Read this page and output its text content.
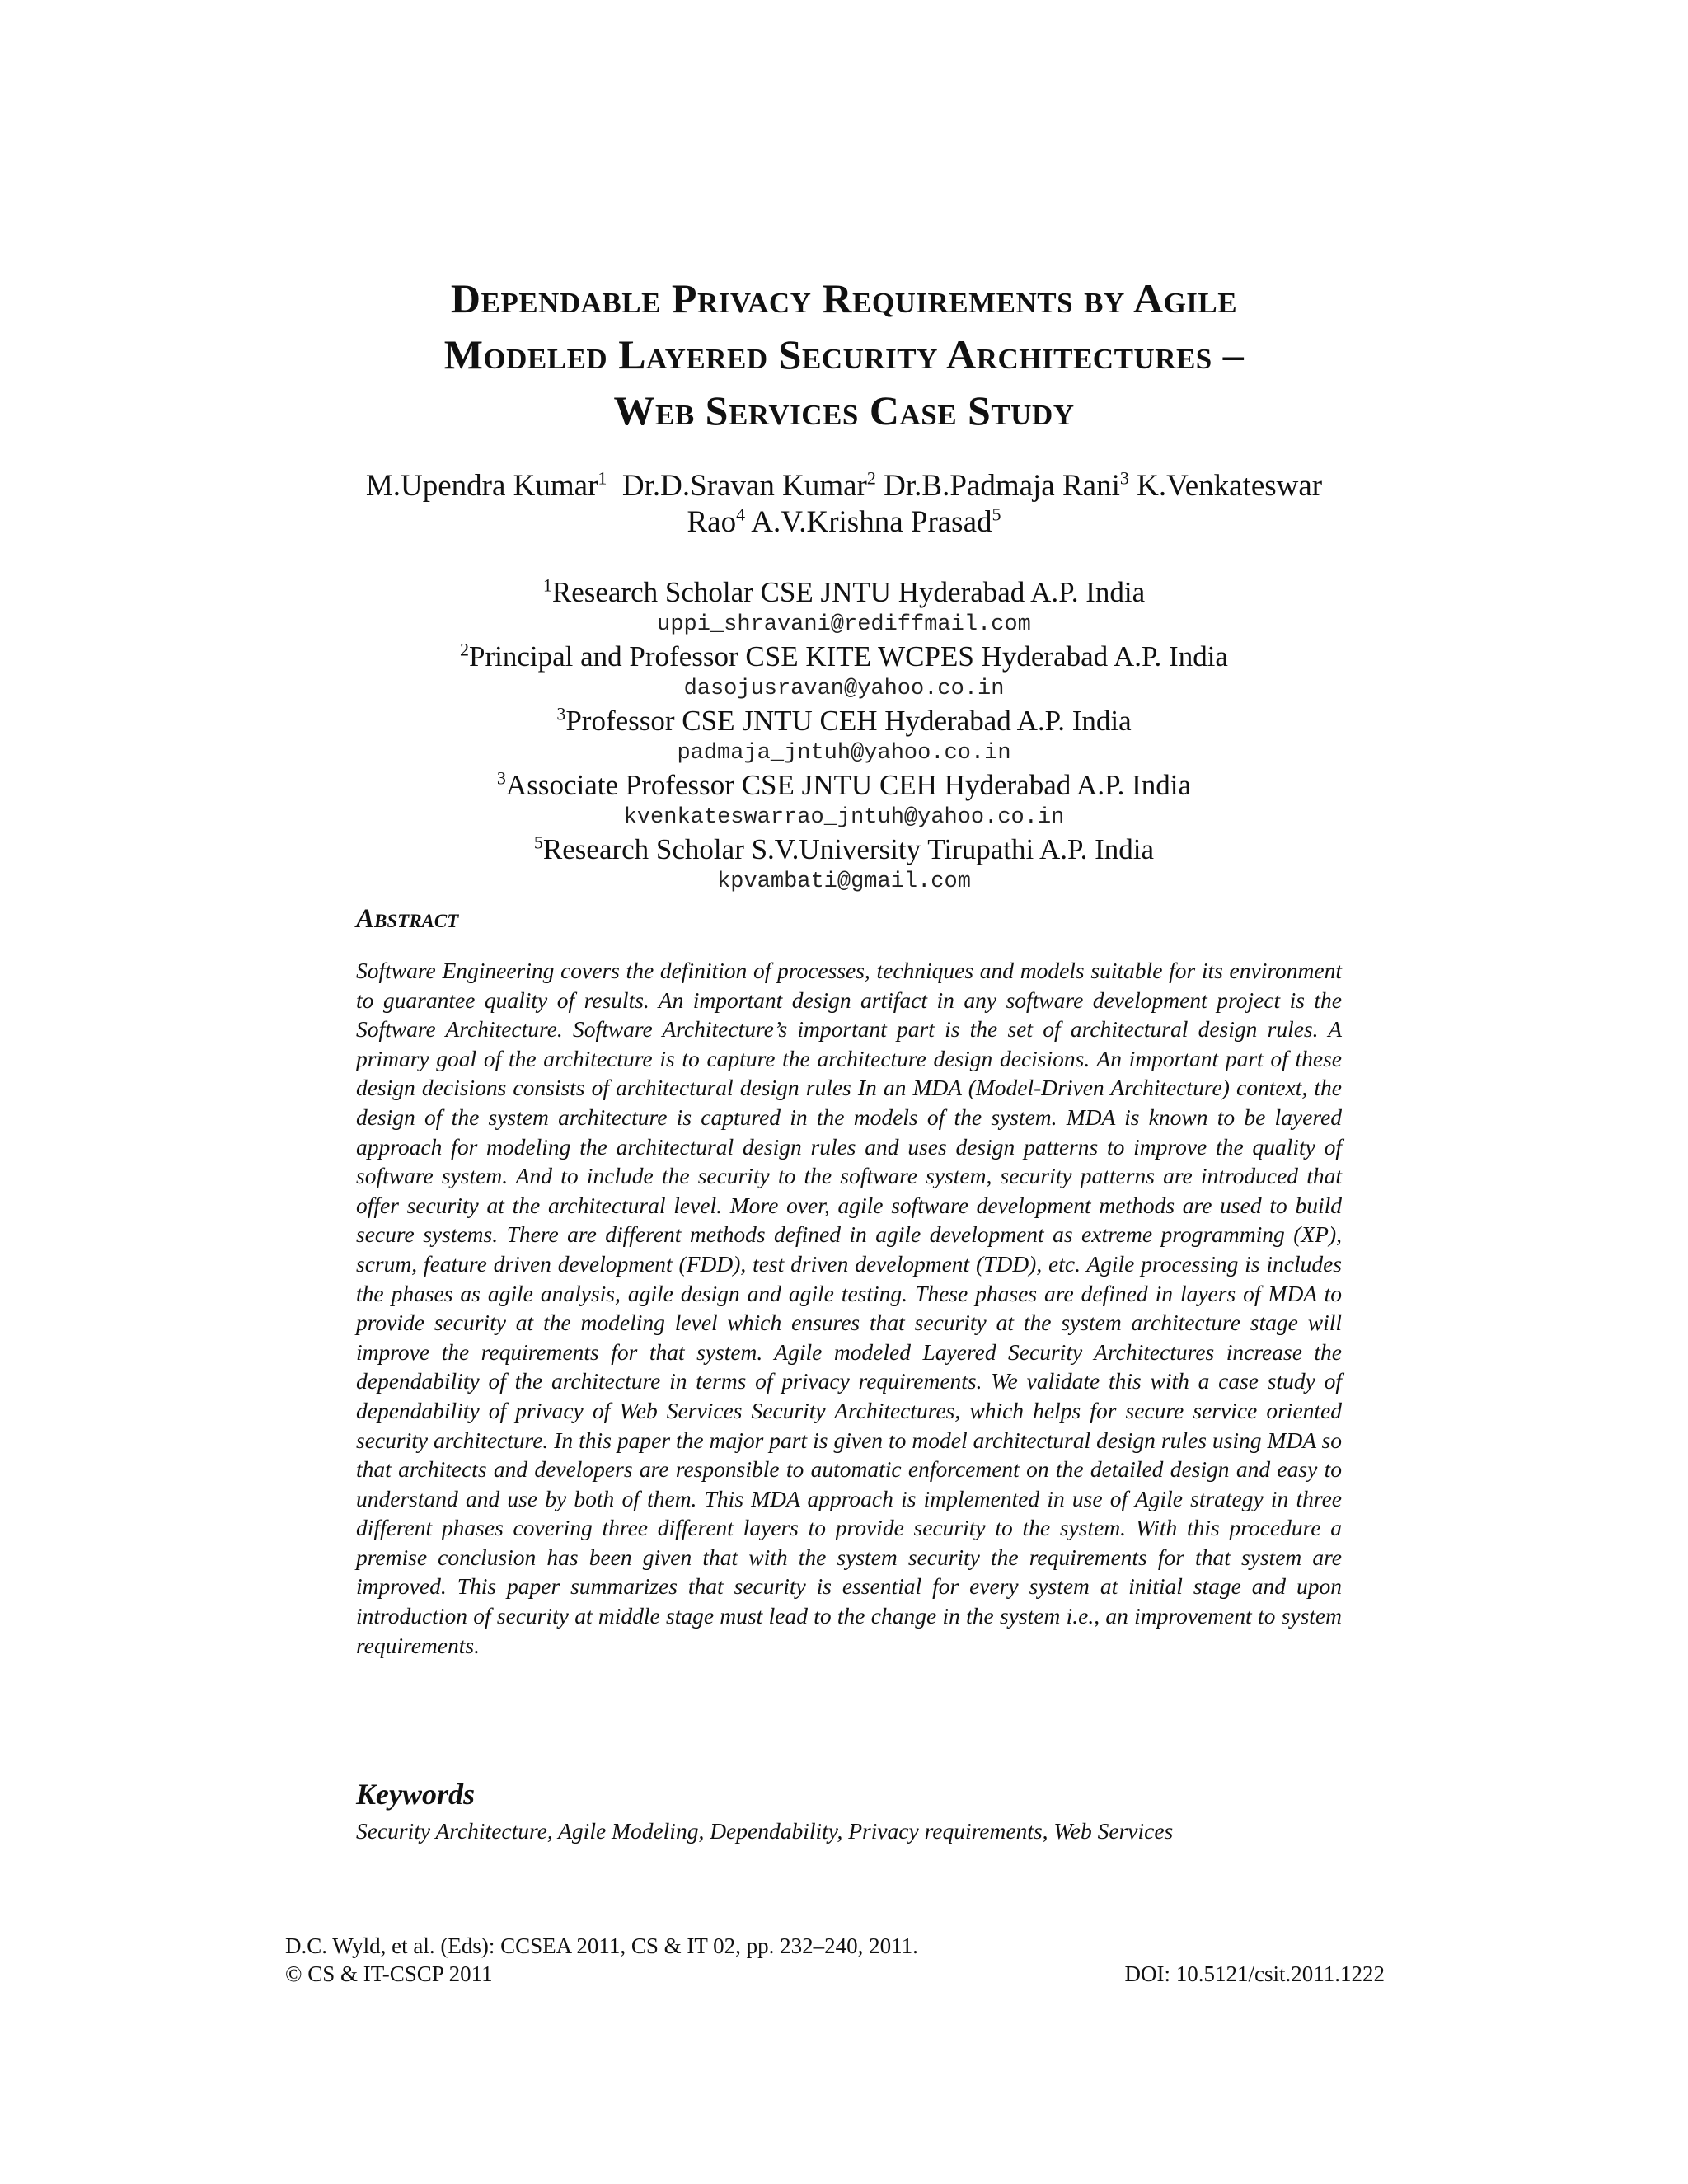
Dependable Privacy Requirements by Agile
Modeled Layered Security Architectures –
Web Services Case Study
M.Upendra Kumar$^1$ Dr.D.Sravan Kumar$^2$ Dr.B.Padmaja Rani$^3$ K.Venkateswar
Rao$^4$ A.V.Krishna Prasad$^5$
$^1$Research Scholar CSE JNTU Hyderabad A.P. India
uppi_shravani@rediffmail.com
$^2$Principal and Professor CSE KITE WCPES Hyderabad A.P. India
dasojusravan@yahoo.co.in
$^3$Professor CSE JNTU CEH Hyderabad A.P. India
padmaja_jntuh@yahoo.co.in
$^3$Associate Professor CSE JNTU CEH Hyderabad A.P. India
kvenkateswarrao_jntuh@yahoo.co.in
$^5$Research Scholar S.V.University Tirupathi A.P. India
kpvambati@gmail.com
Abstract

Software Engineering covers the definition of processes, techniques and models suitable for its environment to guarantee quality of results. An important design artifact in any software development project is the Software Architecture. Software Architecture’s important part is the set of architectural design rules. A primary goal of the architecture is to capture the architecture design decisions. An important part of these design decisions consists of architectural design rules In an MDA (Model-Driven Architecture) context, the design of the system architecture is captured in the models of the system. MDA is known to be layered approach for modeling the architectural design rules and uses design patterns to improve the quality of software system. And to include the security to the software system, security patterns are introduced that offer security at the architectural level. More over, agile software development methods are used to build secure systems. There are different methods defined in agile development as extreme programming (XP), scrum, feature driven development (FDD), test driven development (TDD), etc. Agile processing is includes the phases as agile analysis, agile design and agile testing. These phases are defined in layers of MDA to provide security at the modeling level which ensures that security at the system architecture stage will improve the requirements for that system. Agile modeled Layered Security Architectures increase the dependability of the architecture in terms of privacy requirements. We validate this with a case study of dependability of privacy of Web Services Security Architectures, which helps for secure service oriented security architecture. In this paper the major part is given to model architectural design rules using MDA so that architects and developers are responsible to automatic enforcement on the detailed design and easy to understand and use by both of them. This MDA approach is implemented in use of Agile strategy in three different phases covering three different layers to provide security to the system. With this procedure a premise conclusion has been given that with the system security the requirements for that system are improved. This paper summarizes that security is essential for every system at initial stage and upon introduction of security at middle stage must lead to the change in the system i.e., an improvement to system requirements.

Keywords

Security Architecture, Agile Modeling, Dependability, Privacy requirements, Web Services

D.C. Wyld, et al. (Eds): CCSEA 2011, CS & IT 02, pp. 232–240, 2011.
© CS & IT-CSCP 2011	DOI: 10.5121/csit.2011.1222
